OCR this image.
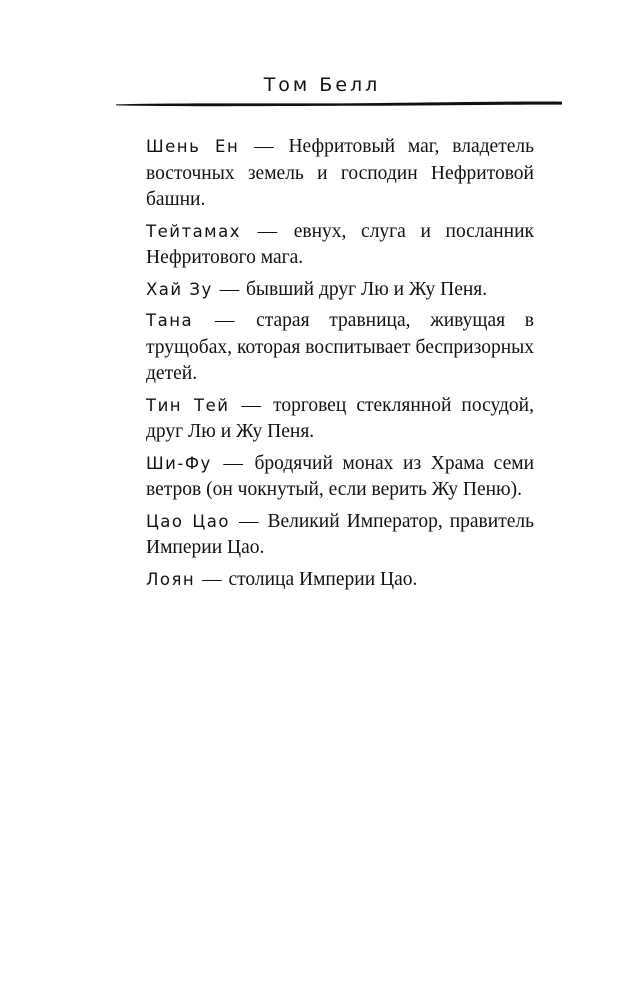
Том Белл
Шень Ен — Нефритовый маг, владетель восточных земель и господин Нефритовой башни.
Тейтамах — евнух, слуга и посланник Нефритового мага.
Хай Зу — бывший друг Лю и Жу Пеня.
Тана — старая травница, живущая в трущобах, которая воспитывает беспризорных детей.
Тин Тей — торговец стеклянной посудой, друг Лю и Жу Пеня.
Ши-Фу — бродячий монах из Храма семи ветров (он чокнутый, если верить Жу Пеню).
Цао Цао — Великий Император, правитель Империи Цао.
Лоян — столица Империи Цао.
